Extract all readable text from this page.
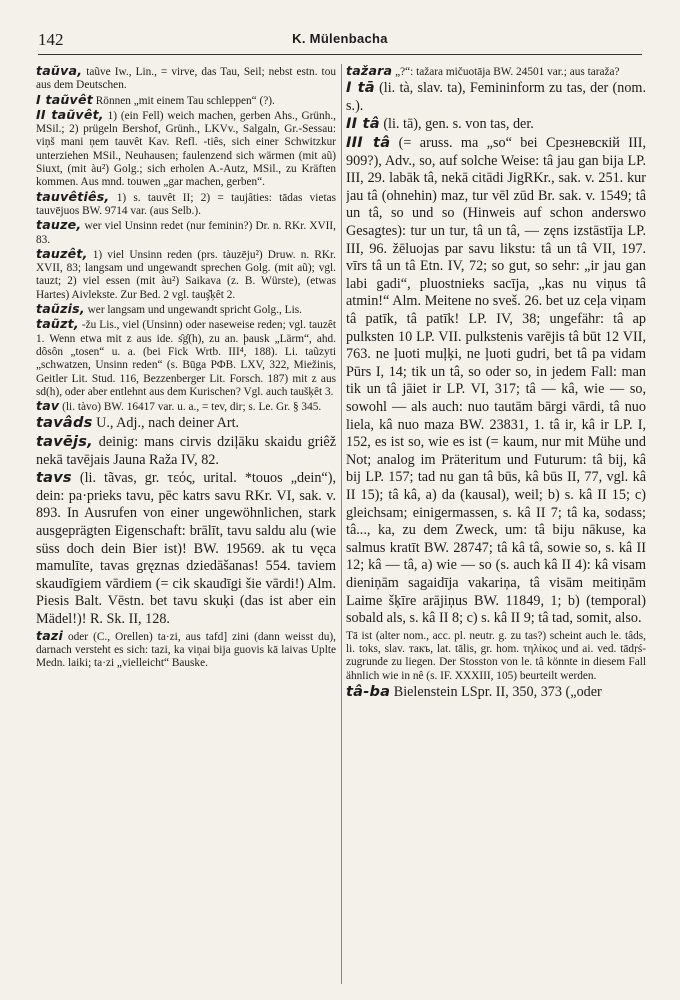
142	K. Mülenbacha

taũva, taũve Iw., Lin., = virve, das Tau, Seil; nebst estn. tou aus dem Deutschen.

I taũvêt Rönnen „mit einem Tau schleppen“ (?).

II taũvêt, 1) (ein Fell) weich machen, gerben Ahs., Grünh., MSil.; 2) prügeln Bershof, Grünh., LKVv., Salgaln, Gr.-Sessau: viņš mani ņem tauvêt Kav. Refl. -tiês, sich einer Schwitzkur unterziehen MSil., Neuhausen; faulenzend sich wärmen (mit aũ) Siuxt, (mit àu²) Golg.; sich erholen A.-Autz, MSil., zu Kräften kommen. Aus mnd. touwen „gar machen, gerben“.

tauvêtiês, 1) s. tauvêt II; 2) = taujâties: tādas vietas tauvējuos BW. 9714 var. (aus Selb.).

tauze, wer viel Unsinn redet (nur feminin?) Dr. n. RKr. XVII, 83.

tauzêt, 1) viel Unsinn reden (prs. tàuzēju²) Druw. n. RKr. XVII, 83; langsam und ungewandt sprechen Golg. (mit aũ); vgl. tauzt; 2) viel essen (mit àu²) Saikava (z. B. Würste), (etwas Hartes) Aivlekste. Zur Bed. 2 vgl. tauş̌ķêt 2.

taũzis, wer langsam und ungewandt spricht Golg., Lis.

taũzt, -žu Lis., viel (Unsinn) oder naseweise reden; vgl. tauzêt 1. Wenn etwa mit z aus ide. s̑g̑(h), zu an. þausk „Lärm“, ahd. dôsôn „tosen“ u. a. (bei Fick Wrtb. III⁴, 188). Li. taũzyti „schwatzen, Unsinn reden“ (s. Būga РФВ. LXV, 322, Miežinis, Geitler Lit. Stud. 116, Bezzenberger Lit. Forsch. 187) mit z aus sd(h), oder aber entlehnt aus dem Kurischen? Vgl. auch taušķêt 3.

tav (li. tàvo) BW. 16417 var. u. a., = tev, dir; s. Le. Gr. § 345.

tavâds U., Adj., nach deiner Art.

tavējs, deinig: mans cirvis dziļāku skaidu griêž nekā tavējais Jauna Raža IV, 82.

tavs (li. tãvas, gr. τεός, urital. *touos „dein“), dein: pa·prieks tavu, pēc katrs savu RKr. VI, sak. v. 893. In Ausrufen von einer ungewöhnlichen, stark ausgeprägten Eigenschaft: brālīt, tavu saldu alu (wie süss doch dein Bier ist)! BW. 19569. ak tu vęca mamulīte, tavas gręznas dziedāšanas! 554. taviem skaudīgiem vārdiem (= cik skaudīgi šie vārdi!) Alm. Piesis Balt. Vēstn. bet tavu skuķi (das ist aber ein Mädel!)! R. Sk. II, 128.

tazi oder (C., Orellen) ta·zi, aus tafd] zini (dann weisst du), darnach versteht es sich: tazi, ka viņai bija guovis kā laivas Uplte Medn. laiki; ta·zi „vielleicht“ Bauske.

tažara „?“: tažara mičuotāja BW. 24501 var.; aus taraža?

I tā (li. tà, slav. ta), Femininform zu tas, der (nom. s.).

II tâ (li. tā), gen. s. von tas, der.

III tâ (= aruss. ma „so“ bei Срезневскій III, 909?), Adv., so, auf solche Weise: tâ jau gan bija LP. III, 29. labāk tâ, nekā citādi JigRKr., sak. v. 251. kur jau tâ (ohnehin) maz, tur vēl zūd Br. sak. v. 1549; tâ un tâ, so und so (Hinweis auf schon anderswo Gesagtes): tur un tur, tâ un tâ, — zęns izstāstīja LP. III, 96. žēluojas par savu likstu: tâ un tâ VII, 197. vīrs tâ un tâ Etn. IV, 72; so gut, so sehr: „ir jau gan labi gadi“, pluostnieks sacīja, „kas nu viņus tâ atmin!“ Alm. Meitene no sveš. 26. bet uz ceļa viņam tâ patīk, tâ patīk! LP. IV, 38; ungefähr: tâ ap pulksten 10 LP. VII. pulkstenis varējis tâ būt 12 VII, 763. ne ļuoti muļķi, ne ļuoti gudri, bet tâ pa vidam Pūrs I, 14; tik un tâ, so oder so, in jedem Fall: man tik un tâ jāiet ir LP. VI, 317; tâ — kâ, wie — so, sowohl — als auch: nuo tautām bārgi vārdi, tâ nuo liela, kâ nuo maza BW. 23831, 1. tâ ir, kâ ir LP. I, 152, es ist so, wie es ist (= kaum, nur mit Mühe und Not; analog im Präteritum und Futurum: tâ bij, kâ bij LP. 157; tad nu gan tâ būs, kâ būs II, 77, vgl. kâ II 15); tâ kâ, a) da (kausal), weil; b) s. kâ II 15; c) gleichsam; einigermassen, s. kâ II 7; tâ ka, sodass; tâ..., ka, zu dem Zweck, um: tâ biju nākuse, ka salmus kratīt BW. 28747; tâ kâ tâ, sowie so, s. kâ II 12; kâ — tâ, a) wie — so (s. auch kâ II 4): kâ visam dieniņām sagaidīja vakariņa, tâ visām meitiņām Laime šķīre arājiņus BW. 11849, 1; b) (temporal) sobald als, s. kâ II 8; c) s. kâ II 9; tâ tad, somit, also.

Tā ist (alter nom., acc. pl. neutr. g. zu tas?) scheint auch le. tâds, li. toks, slav. такъ, lat. tālis, gr. hom. τηλίκος und ai. ved. tādṛś- zugrunde zu liegen. Der Stosston von le. tâ könnte in diesem Fall ähnlich wie in nê (s. IF. XXXIII, 105) beurteilt werden.

tâ-ba Bielenstein LSpr. II, 350, 373 („oder
